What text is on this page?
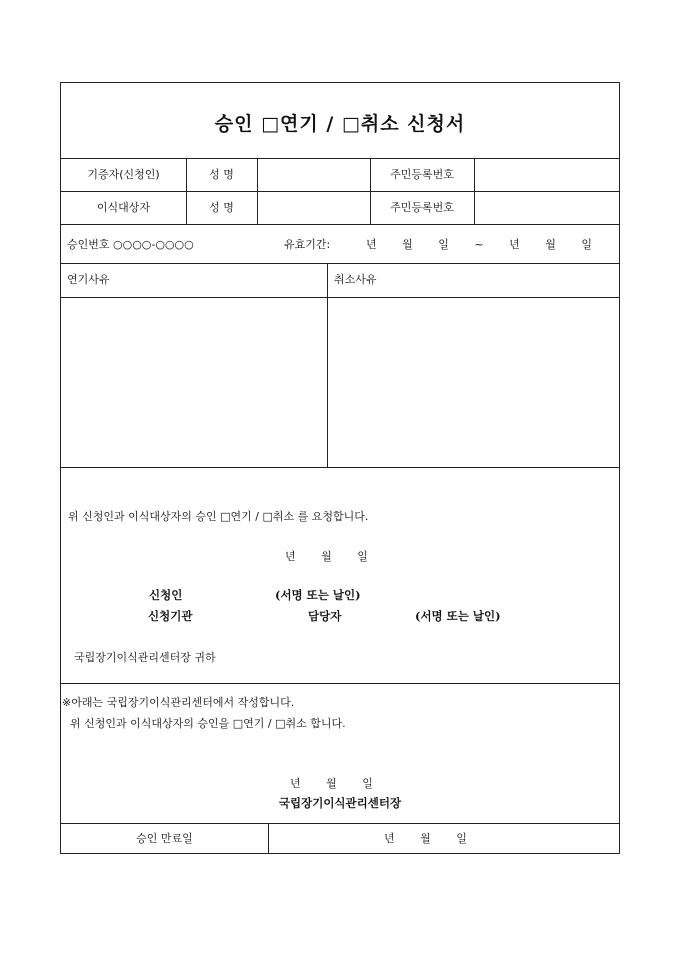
승인 □연기 / □취소 신청서
기증자(신청인)	성 명	주민등록번호
이식대상자	성 명	주민등록번호
승인번호 ○○○○-○○○○	유효기간:	년 월 일 ~ 년 월 일
연기사유	취소사유
위 신청인과 이식대상자의 승인 □연기 / □취소 를 요청합니다.
년 월 일
신청인	(서명 또는 날인)
신청기관	담당자	(서명 또는 날인)
국립장기이식관리센터장 귀하
※아래는 국립장기이식관리센터에서 작성합니다.
위 신청인과 이식대상자의 승인을 □연기 / □취소 합니다.
년 월 일
국립장기이식관리센터장
승인 만료일	년 월 일
